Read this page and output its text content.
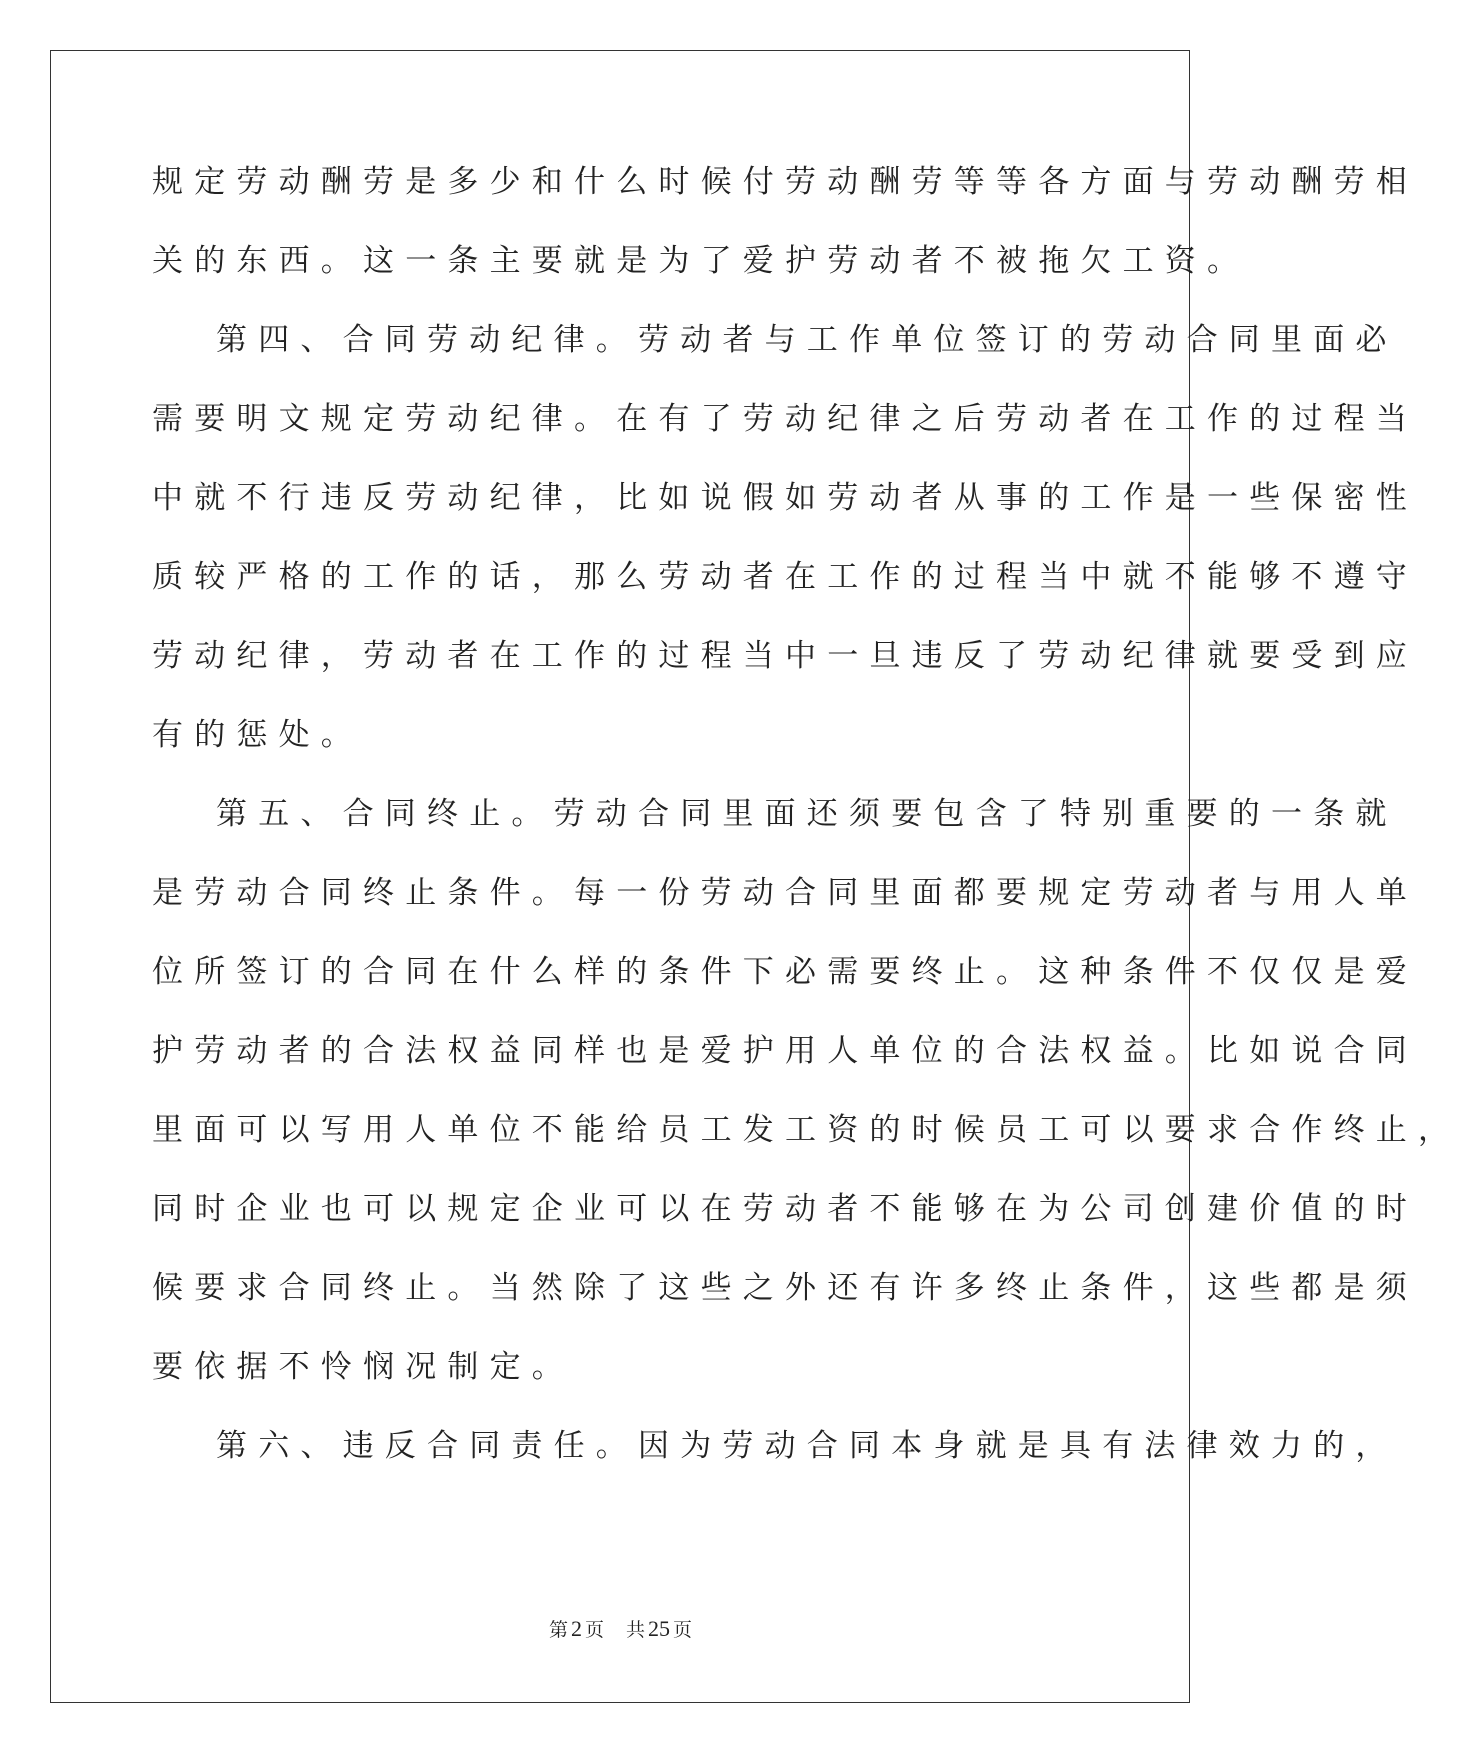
规定劳动酬劳是多少和什么时候付劳动酬劳等等各方面与劳动酬劳相
关的东西。这一条主要就是为了爱护劳动者不被拖欠工资。
第四、合同劳动纪律。劳动者与工作单位签订的劳动合同里面必
需要明文规定劳动纪律。在有了劳动纪律之后劳动者在工作的过程当
中就不行违反劳动纪律，比如说假如劳动者从事的工作是一些保密性
质较严格的工作的话，那么劳动者在工作的过程当中就不能够不遵守
劳动纪律，劳动者在工作的过程当中一旦违反了劳动纪律就要受到应
有的惩处。
第五、合同终止。劳动合同里面还须要包含了特别重要的一条就
是劳动合同终止条件。每一份劳动合同里面都要规定劳动者与用人单
位所签订的合同在什么样的条件下必需要终止。这种条件不仅仅是爱
护劳动者的合法权益同样也是爱护用人单位的合法权益。比如说合同
里面可以写用人单位不能给员工发工资的时候员工可以要求合作终止，
同时企业也可以规定企业可以在劳动者不能够在为公司创建价值的时
候要求合同终止。当然除了这些之外还有许多终止条件，这些都是须
要依据不怜悯况制定。
第六、违反合同责任。因为劳动合同本身就是具有法律效力的，
第 2 页 共 25 页
